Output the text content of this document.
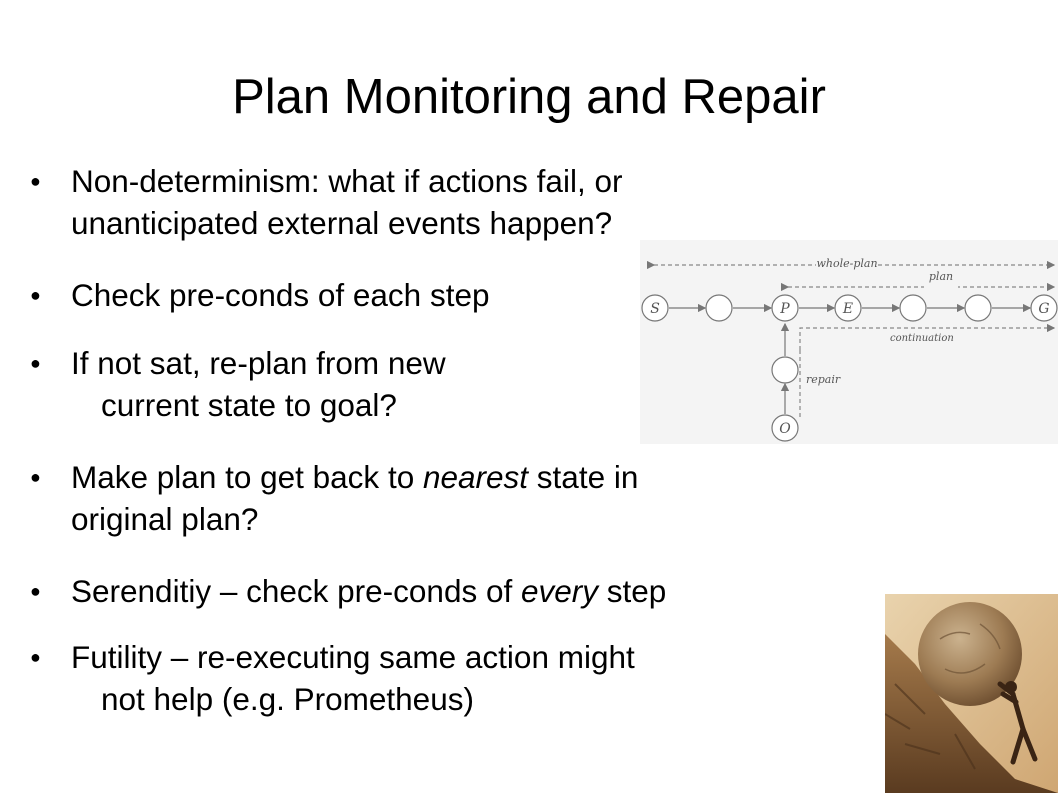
Plan Monitoring and Repair
● Non-determinism: what if actions fail, or
unanticipated external events happen?
● Check pre-conds of each step
● If not sat, re-plan from new
current state to goal?
● Make plan to get back to nearest state in
original plan?
● Serenditiy – check pre-conds of every step
● Futility – re-executing same action might
not help (e.g. Prometheus)
whole-plan
plan
repair
continuation
S	P	E	G
O
